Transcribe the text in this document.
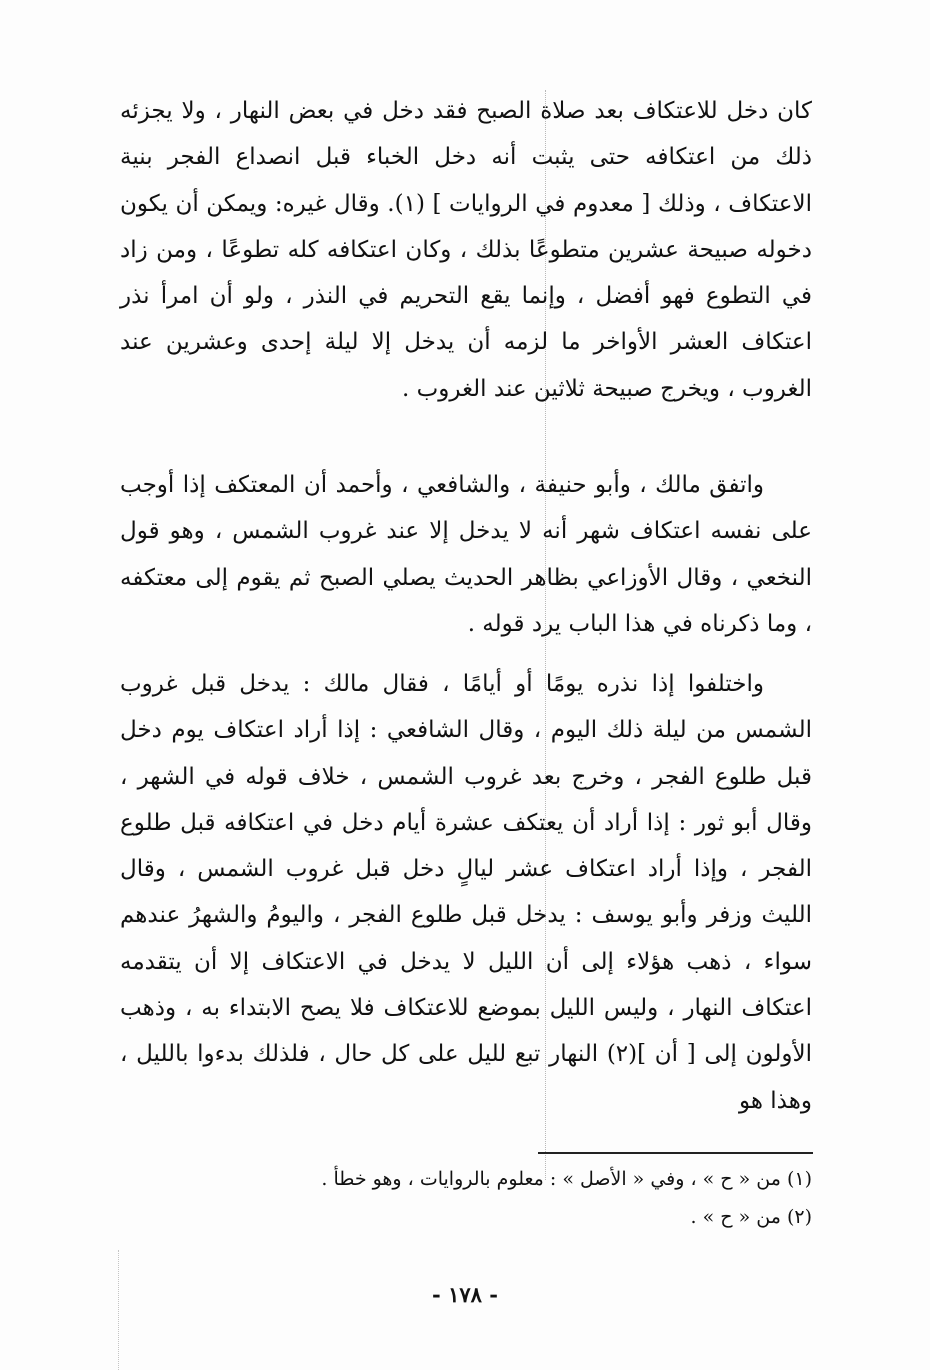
كان دخل للاعتكاف بعد صلاة الصبح فقد دخل في بعض النهار ، ولا يجزئه ذلك من اعتكافه حتى يثبت أنه دخل الخباء قبل انصداع الفجر بنية الاعتكاف ، وذلك [ معدوم في الروايات ] (١). وقال غيره: ويمكن أن يكون دخوله صبيحة عشرين متطوعًا بذلك ، وكان اعتكافه كله تطوعًا ، ومن زاد في التطوع فهو أفضل ، وإنما يقع التحريم في النذر ، ولو أن امرأ نذر اعتكاف العشر الأواخر ما لزمه أن يدخل إلا ليلة إحدى وعشرين عند الغروب ، ويخرج صبيحة ثلاثين عند الغروب .

واتفق مالك ، وأبو حنيفة ، والشافعي ، وأحمد أن المعتكف إذا أوجب على نفسه اعتكاف شهر أنه لا يدخل إلا عند غروب الشمس ، وهو قول النخعي ، وقال الأوزاعي بظاهر الحديث يصلي الصبح ثم يقوم إلى معتكفه ، وما ذكرناه في هذا الباب يرد قوله .

واختلفوا إذا نذره يومًا أو أيامًا ، فقال مالك : يدخل قبل غروب الشمس من ليلة ذلك اليوم ، وقال الشافعي : إذا أراد اعتكاف يوم دخل قبل طلوع الفجر ، وخرج بعد غروب الشمس ، خلاف قوله في الشهر ، وقال أبو ثور : إذا أراد أن يعتكف عشرة أيام دخل في اعتكافه قبل طلوع الفجر ، وإذا أراد اعتكاف عشر ليالٍ دخل قبل غروب الشمس ، وقال الليث وزفر وأبو يوسف : يدخل قبل طلوع الفجر ، واليومُ والشهرُ عندهم سواء ، ذهب هؤلاء إلى أن الليل لا يدخل في الاعتكاف إلا أن يتقدمه اعتكاف النهار ، وليس الليل بموضع للاعتكاف فلا يصح الابتداء به ، وذهب الأولون إلى [ أن ](٢) النهار تبع لليل على كل حال ، فلذلك بدءوا بالليل ، وهذا هو

(١) من « ح » ، وفي « الأصل » : معلوم بالروايات ، وهو خطأ .
(٢) من « ح » .
- ١٧٨ -
